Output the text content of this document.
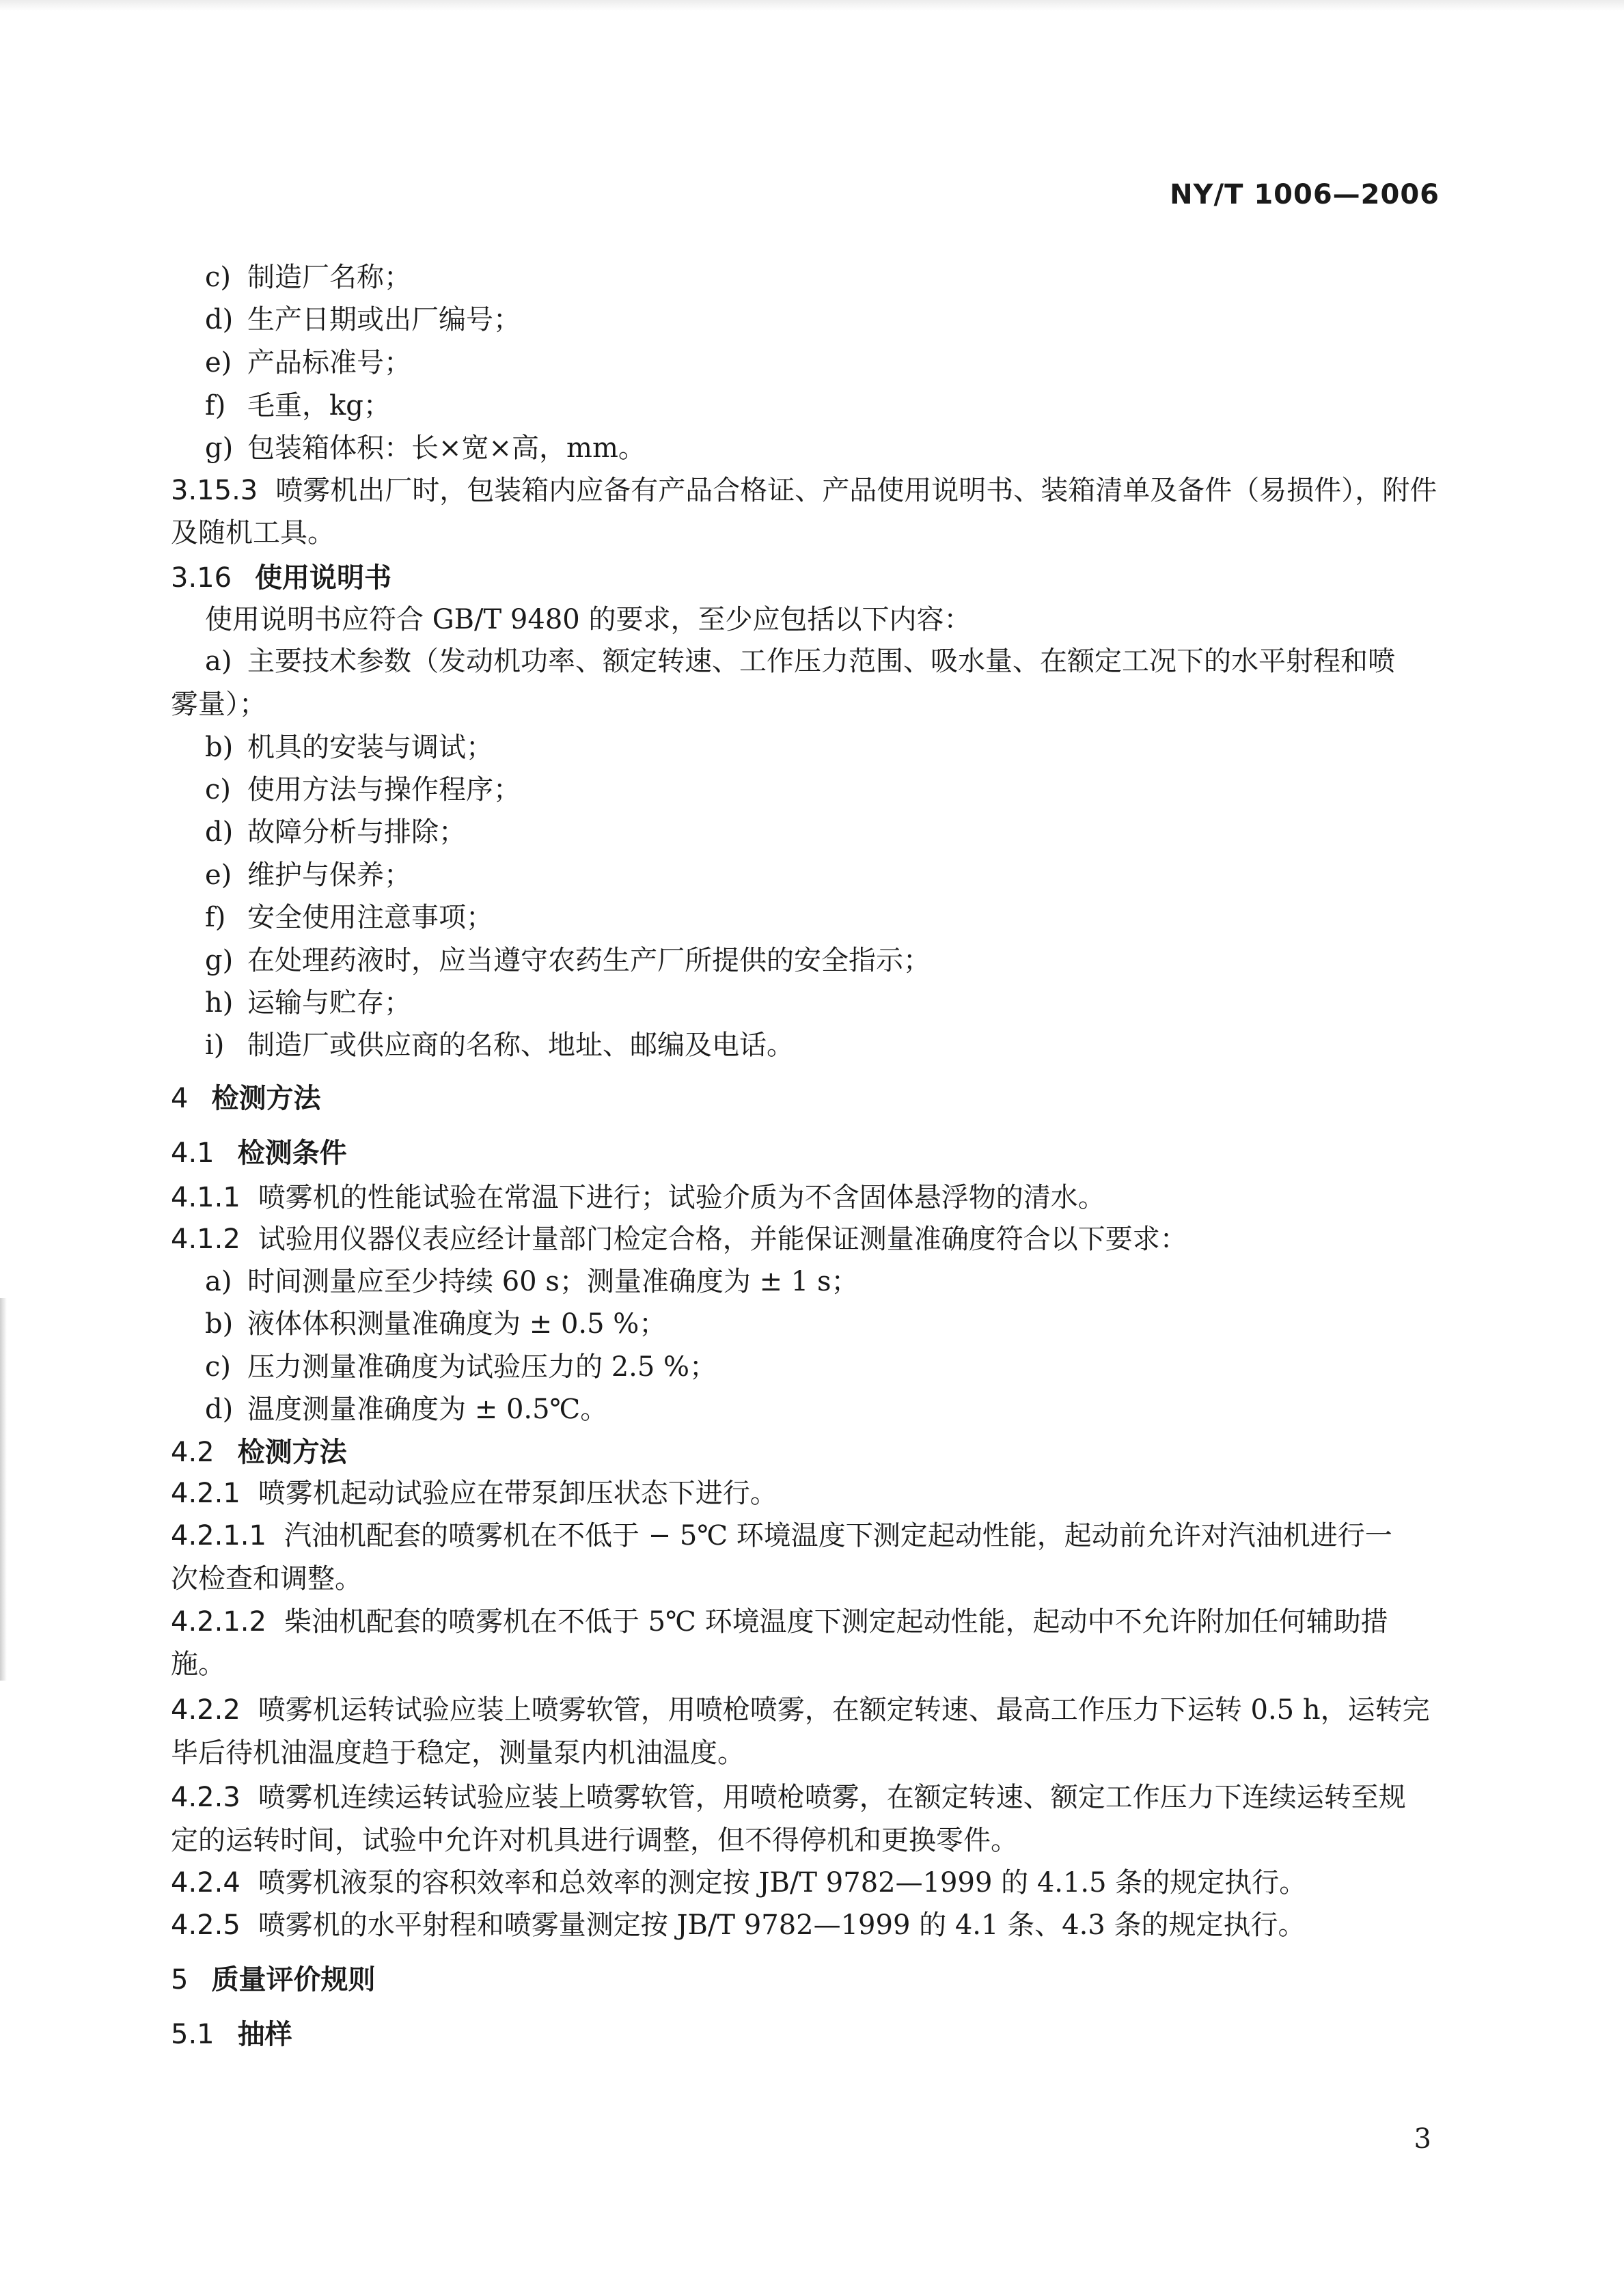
NY/T 1006—2006
c) 制造厂名称；
d) 生产日期或出厂编号；
e) 产品标准号；
f) 毛重，kg；
g) 包装箱体积：长×宽×高，mm。
3.15.3 喷雾机出厂时，包装箱内应备有产品合格证、产品使用说明书、装箱清单及备件（易损件），附件
及随机工具。
3.16 使用说明书
使用说明书应符合 GB/T 9480 的要求，至少应包括以下内容：
a) 主要技术参数（发动机功率、额定转速、工作压力范围、吸水量、在额定工况下的水平射程和喷
雾量）；
b) 机具的安装与调试；
c) 使用方法与操作程序；
d) 故障分析与排除；
e) 维护与保养；
f) 安全使用注意事项；
g) 在处理药液时，应当遵守农药生产厂所提供的安全指示；
h) 运输与贮存；
i) 制造厂或供应商的名称、地址、邮编及电话。
4 检测方法
4.1 检测条件
4.1.1 喷雾机的性能试验在常温下进行；试验介质为不含固体悬浮物的清水。
4.1.2 试验用仪器仪表应经计量部门检定合格，并能保证测量准确度符合以下要求：
a) 时间测量应至少持续 60 s；测量准确度为 ± 1 s；
b) 液体体积测量准确度为 ± 0.5 %；
c) 压力测量准确度为试验压力的 2.5 %；
d) 温度测量准确度为 ± 0.5℃。
4.2 检测方法
4.2.1 喷雾机起动试验应在带泵卸压状态下进行。
4.2.1.1 汽油机配套的喷雾机在不低于 − 5℃ 环境温度下测定起动性能，起动前允许对汽油机进行一
次检查和调整。
4.2.1.2 柴油机配套的喷雾机在不低于 5℃ 环境温度下测定起动性能，起动中不允许附加任何辅助措
施。
4.2.2 喷雾机运转试验应装上喷雾软管，用喷枪喷雾，在额定转速、最高工作压力下运转 0.5 h，运转完
毕后待机油温度趋于稳定，测量泵内机油温度。
4.2.3 喷雾机连续运转试验应装上喷雾软管，用喷枪喷雾，在额定转速、额定工作压力下连续运转至规
定的运转时间，试验中允许对机具进行调整，但不得停机和更换零件。
4.2.4 喷雾机液泵的容积效率和总效率的测定按 JB/T 9782—1999 的 4.1.5 条的规定执行。
4.2.5 喷雾机的水平射程和喷雾量测定按 JB/T 9782—1999 的 4.1 条、4.3 条的规定执行。
5 质量评价规则
5.1 抽样
3
